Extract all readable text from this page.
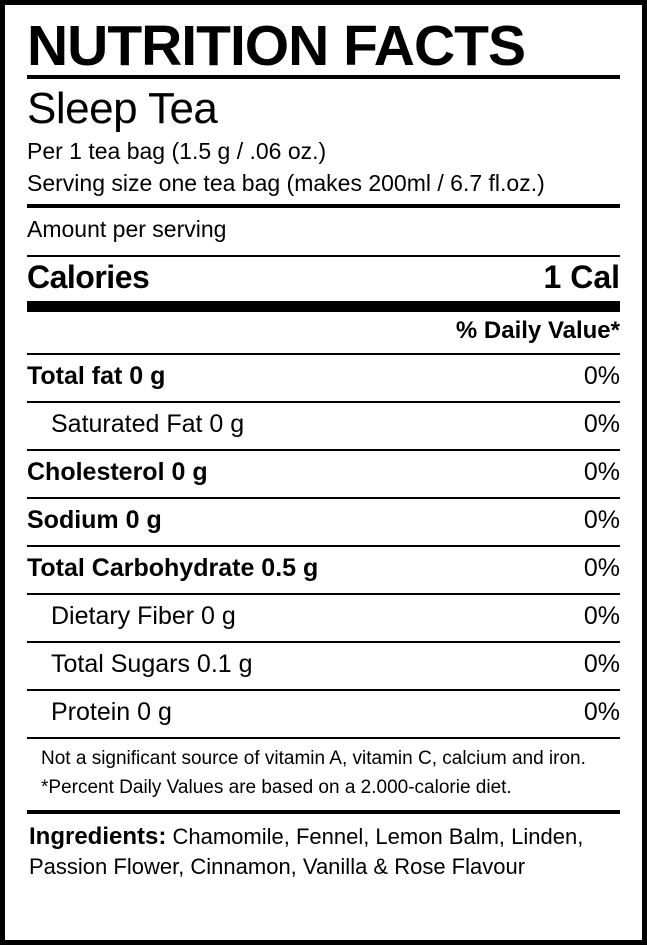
NUTRITION FACTS
Sleep Tea
Per 1 tea bag (1.5 g / .06 oz.)
Serving size one tea bag (makes 200ml / 6.7 fl.oz.)
Amount per serving
Calories	1 Cal
% Daily Value*
Total fat 0 g	0%
Saturated Fat 0 g	0%
Cholesterol 0 g	0%
Sodium 0 g	0%
Total Carbohydrate 0.5 g	0%
Dietary Fiber 0 g	0%
Total Sugars 0.1 g	0%
Protein 0 g	0%
Not a significant source of vitamin A, vitamin C, calcium and iron.
*Percent Daily Values are based on a 2.000-calorie diet.
Ingredients: Chamomile, Fennel, Lemon Balm, Linden, Passion Flower, Cinnamon, Vanilla & Rose Flavour
